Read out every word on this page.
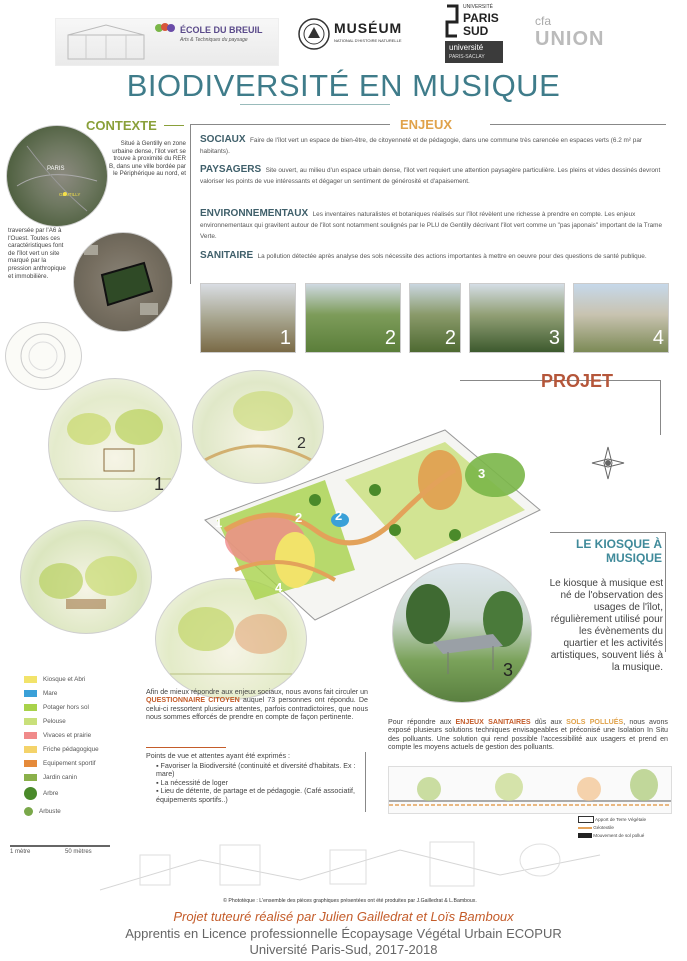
ÉCOLE DU BREUIL
Arts & Techniques du paysage
MUSÉUM
NATIONAL D'HISTOIRE NATURELLE
UNIVERSITÉ
PARIS
SUD
université
PARIS-SACLAY
cfa
UNION
BIODIVERSITÉ EN MUSIQUE
CONTEXTE
PARIS
GENTILLY
Situé à Gentilly en zone urbaine dense, l'îlot vert se trouve à proximité du RER B, dans une ville bordée par le Périphérique au nord, et
traversée par l'A6 à l'Ouest. Toutes ces caractéristiques font de l'îlot vert un site marqué par la pression anthropique et immobilière.
ENJEUX
SOCIAUX Faire de l'îlot vert un espace de bien-être, de citoyenneté et de pédagogie, dans une commune très carencée en espaces verts (6.2 m² par habitants).
PAYSAGERS Site ouvert, au milieu d'un espace urbain dense, l'îlot vert requiert une attention paysagère particulière. Les pleins et vides dessinés devront valoriser les points de vue intéressants et dégager un sentiment de générosité et d'apaisement.
ENVIRONNEMENTAUX Les inventaires naturalistes et botaniques réalisés sur l'îlot révèlent une richesse à prendre en compte. Les enjeux environnementaux qui gravitent autour de l'îlot sont notamment soulignés par le PLU de Gentilly décrivant l'îlot vert comme un "pas japonais" important de la Trame Verte.
SANITAIRE La pollution détectée après analyse des sols nécessite des actions importantes à mettre en oeuvre pour des questions de santé publique.
1	2 2	3	4
PROJET
1
2
1	2	2
3
4
LE KIOSQUE À
MUSIQUE
Le kiosque à musique est né de l'observation des usages de l'îlot, régulièrement utilisé pour les évènements du quartier et les activités artistiques, souvent liés à la musique.
3
Kiosque et Abri
Mare
Potager hors sol
Pelouse
Vivaces et prairie
Friche pédagogique
Equipement sportif
Jardin canin
Arbre
Arbuste
Afin de mieux répondre aux enjeux sociaux, nous avons fait circuler un QUESTIONNAIRE CITOYEN auquel 73 personnes ont répondu. De celui-ci ressortent plusieurs attentes, parfois contradictoires, que nous nous sommes efforcés de prendre en compte de façon pertinente.
Points de vue et attentes ayant été exprimés :
▪ Favoriser la Biodiversité (continuité et diversité d'habitats. Ex : mare)
▪ La nécessité de loger
▪ Lieu de détente, de partage et de pédagogie. (Café associatif, équipements sportifs..)
Pour répondre aux ENJEUX SANITAIRES dûs aux SOLS POLLUÉS, nous avons exposé plusieurs solutions techniques envisageables et préconisé une Isolation In Situ des polluants. Une solution qui rend possible l'accessibilité aux usagers et prend en compte les moyens actuels de gestion des polluants.
Apport de Terre Végétale
Géotextile
Mouvement de sol pollué
1 mètre	50 mètres
© Phototèque : L'ensemble des pièces graphiques présentées ont été produites par J.Gailledrat & L.Bamboux.
Projet tuteuré réalisé par Julien Gailledrat et Loïs Bamboux
Apprentis en Licence professionnelle Écopaysage Végétal Urbain ECOPUR
Université Paris-Sud, 2017-2018
